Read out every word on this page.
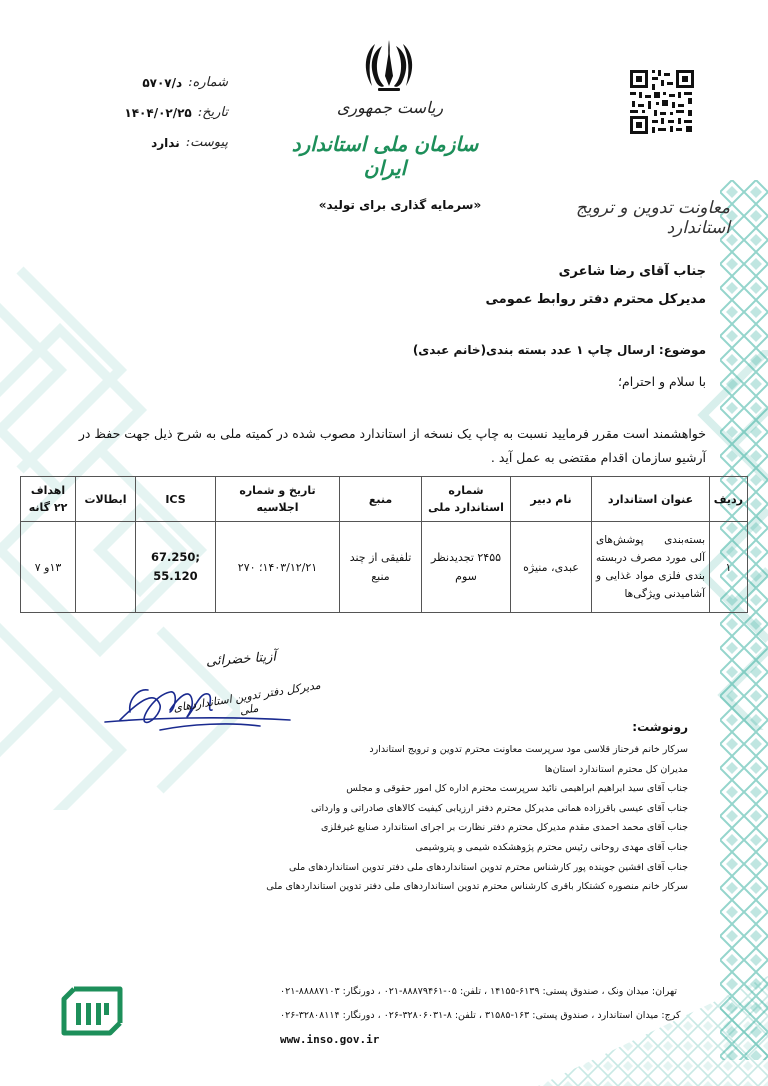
شماره:
د/۵۷۰۷
تاریخ:
۱۴۰۴/۰۲/۲۵
پیوست:
ندارد
ریاست جمهوری
سازمان ملی استاندارد ایران
«سرمایه گذاری برای تولید»	معاونت تدوین و ترویج استاندارد
جناب آقای رضا شاعری
مدیرکل محترم دفتر روابط عمومی
موضوع: ارسال چاپ ۱ عدد بسته بندی(خانم عبدی)
با سلام و احترام؛
خواهشمند است مقرر فرمایید نسبت به چاپ یک نسخه از استاندارد مصوب شده در کمیته ملی به شرح ذیل جهت حفظ در آرشیو سازمان اقدام مقتضی به عمل آید .
ردیف	عنوان استاندارد	نام دبیر	شماره استاندارد ملی	منبع	تاریخ و شماره اجلاسیه	ICS	ابطالات	اهداف ۲۲ گانه
۱	بسته‌بندی پوشش‌های آلی مورد مصرف دربسته بندی فلزی مواد غذایی و آشامیدنی ویژگی‌ها	عبدی، منیژه	۲۴۵۵ تجدیدنظر سوم	تلفیقی از چند منبع	۱۴۰۳/۱۲/۲۱؛ ۲۷۰	67.250; 55.120		۱۳و ۷
آزیتا خضرائی
مدیرکل دفتر تدوین استانداردهای ملی
رونوشت:
سرکار خانم فرحناز قلاسی مود سرپرست معاونت محترم تدوین و ترویج استاندارد
مدیران کل محترم استاندارد استان‌ها
جناب آقای سید ابراهیم ابراهیمی نائید سرپرست محترم اداره کل امور حقوقی و مجلس
جناب آقای عیسی باقرزاده همانی مدیرکل محترم دفتر ارزیابی کیفیت کالاهای صادراتی و وارداتی
جناب آقای محمد احمدی مقدم مدیرکل محترم دفتر نظارت بر اجرای استاندارد صنایع غیرفلزی
جناب آقای مهدی روحانی رئیس محترم پژوهشکده شیمی و پتروشیمی
جناب آقای افشین جوینده پور کارشناس محترم تدوین استانداردهای ملی دفتر تدوین استانداردهای ملی
سرکار خانم منصوره کشتکار باقری کارشناس محترم تدوین استانداردهای ملی دفتر تدوین استانداردهای ملی
تهران: میدان ونک ، صندوق پستی: ۶۱۳۹-۱۴۱۵۵ ، تلفن: ۰۵-۸۸۸۷۹۴۶۱-۰۲۱ ، دورنگار: ۸۸۸۸۷۱۰۳-۰۲۱
کرج: میدان استاندارد ، صندوق پستی: ۱۶۳-۳۱۵۸۵ ، تلفن: ۸-۳۲۸۰۶۰۳۱-۰۲۶ ، دورنگار: ۳۲۸۰۸۱۱۴-۰۲۶
www.inso.gov.ir
